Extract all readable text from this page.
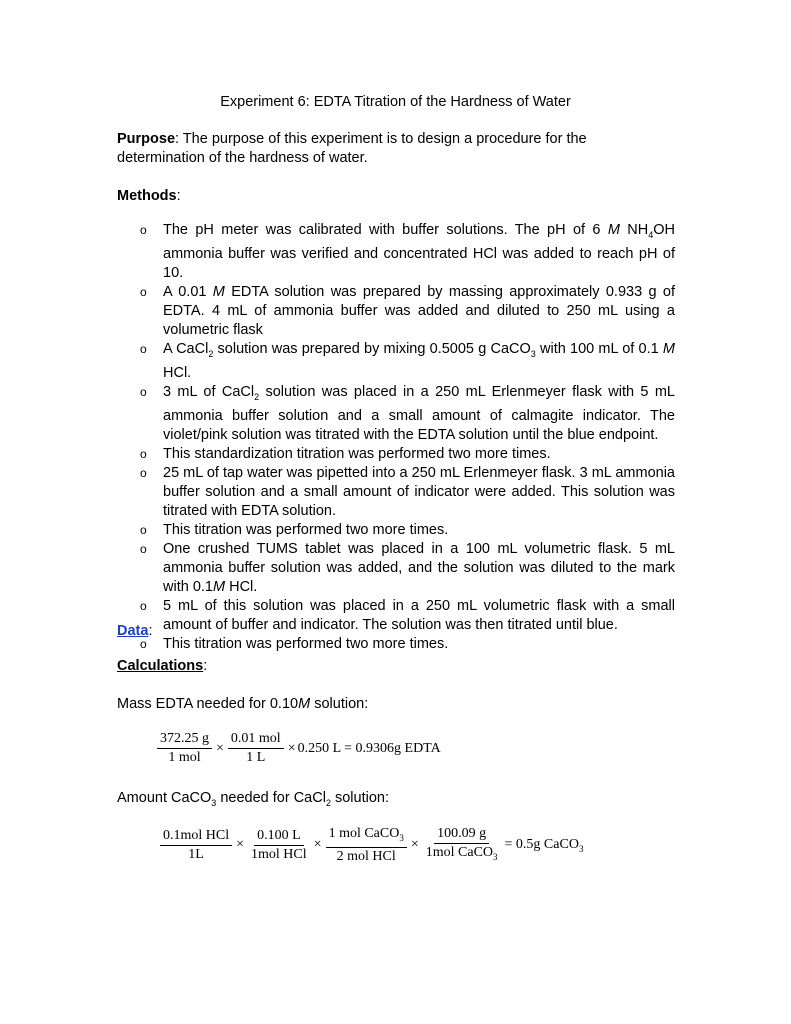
Experiment 6: EDTA Titration of the Hardness of Water
Purpose: The purpose of this experiment is to design a procedure for the determination of the hardness of water.
Methods:
o The pH meter was calibrated with buffer solutions. The pH of 6 M $NH_4OH$ ammonia buffer was verified and concentrated HCl was added to reach pH of 10.
o A 0.01 M EDTA solution was prepared by massing approximately 0.933 g of EDTA. 4 mL of ammonia buffer was added and diluted to 250 mL using a volumetric flask
o A CaCl$_2$ solution was prepared by mixing 0.5005 g CaCO$_3$ with 100 mL of 0.1 M HCl.
o 3 mL of CaCl$_2$ solution was placed in a 250 mL Erlenmeyer flask with 5 mL ammonia buffer solution and a small amount of calmagite indicator. The violet/pink solution was titrated with the EDTA solution until the blue endpoint.
o This standardization titration was performed two more times.
o 25 mL of tap water was pipetted into a 250 mL Erlenmeyer flask. 3 mL ammonia buffer solution and a small amount of indicator were added. This solution was titrated with EDTA solution.
o This titration was performed two more times.
o One crushed TUMS tablet was placed in a 100 mL volumetric flask. 5 mL ammonia buffer solution was added, and the solution was diluted to the mark with 0.1M HCl.
o 5 mL of this solution was placed in a 250 mL volumetric flask with a small amount of buffer and indicator. The solution was then titrated until blue.
o This titration was performed two more times.
Data:
Calculations:
Mass EDTA needed for 0.10M solution:
$\frac{372.25 g}{\text{1 mol}} \times \frac{\text{0.01 mol}}{1 L} \times 0.250$ L = 0.9306g EDTA
Amount CaCO$_3$ needed for CaCl$_2$ solution:
$\frac{\text{0.1mol HCl}}{1L} \times \frac{0.100 L}{\text{1mol HCl}} \times \frac{1 mol CaCO_3}{\text{2 mol HCl}} \times \frac{100.09 g}{1mol CaCO_3} = 0.5g$ CaCO$_3$
